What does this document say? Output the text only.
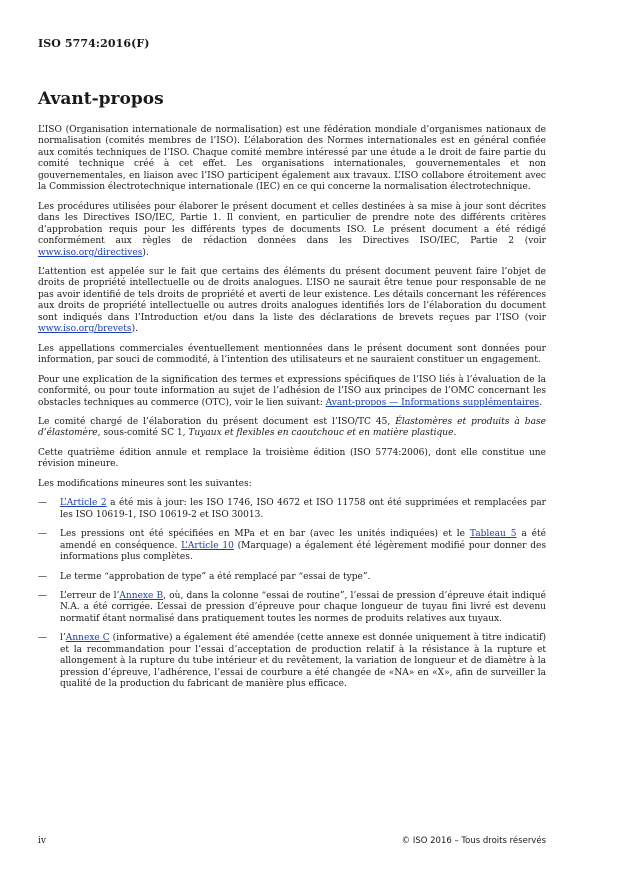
ISO 5774:2016(F)
Avant-propos

L’ISO (Organisation internationale de normalisation) est une fédération mondiale d’organismes nationaux de normalisation (comités membres de l’ISO). L’élaboration des Normes internationales est en général confiée aux comités techniques de l’ISO. Chaque comité membre intéressé par une étude a le droit de faire partie du comité technique créé à cet effet. Les organisations internationales, gouvernementales et non gouvernementales, en liaison avec l’ISO participent également aux travaux. L’ISO collabore étroitement avec la Commission électrotechnique internationale (IEC) en ce qui concerne la normalisation électrotechnique.

Les procédures utilisées pour élaborer le présent document et celles destinées à sa mise à jour sont décrites dans les Directives ISO/IEC, Partie 1. Il convient, en particulier de prendre note des différents critères d’approbation requis pour les différents types de documents ISO. Le présent document a été rédigé conformément aux règles de rédaction données dans les Directives ISO/IEC, Partie 2 (voir www.iso.org/directives).

L’attention est appelée sur le fait que certains des éléments du présent document peuvent faire l’objet de droits de propriété intellectuelle ou de droits analogues. L’ISO ne saurait être tenue pour responsable de ne pas avoir identifié de tels droits de propriété et averti de leur existence. Les détails concernant les références aux droits de propriété intellectuelle ou autres droits analogues identifiés lors de l’élaboration du document sont indiqués dans l’Introduction et/ou dans la liste des déclarations de brevets reçues par l’ISO (voir www.iso.org/brevets).

Les appellations commerciales éventuellement mentionnées dans le présent document sont données pour information, par souci de commodité, à l’intention des utilisateurs et ne sauraient constituer un engagement.

Pour une explication de la signification des termes et expressions spécifiques de l’ISO liés à l’évaluation de la conformité, ou pour toute information au sujet de l’adhésion de l’ISO aux principes de l’OMC concernant les obstacles techniques au commerce (OTC), voir le lien suivant: Avant-propos — Informations supplémentaires.

Le comité chargé de l’élaboration du présent document est l’ISO/TC 45, Élastomères et produits à base d’élastomère, sous-comité SC 1, Tuyaux et flexibles en caoutchouc et en matière plastique.

Cette quatrième édition annule et remplace la troisième édition (ISO 5774:2006), dont elle constitue une révision mineure.

Les modifications mineures sont les suivantes:

— L’Article 2 a été mis à jour: les ISO 1746, ISO 4672 et ISO 11758 ont été supprimées et remplacées par les ISO 10619-1, ISO 10619-2 et ISO 30013.
— Les pressions ont été spécifiées en MPa et en bar (avec les unités indiquées) et le Tableau 5 a été amendé en conséquence. L’Article 10 (Marquage) a également été légèrement modifié pour donner des informations plus complètes.
— Le terme “approbation de type” a été remplacé par “essai de type”.
— L’erreur de l’Annexe B, où, dans la colonne “essai de routine”, l’essai de pression d’épreuve était indiqué N.A. a été corrigée. L’essai de pression d’épreuve pour chaque longueur de tuyau fini livré est devenu normatif étant normalisé dans pratiquement toutes les normes de produits relatives aux tuyaux.
— l’Annexe C (informative) a également été amendée (cette annexe est donnée uniquement à titre indicatif) et la recommandation pour l’essai d’acceptation de production relatif à la résistance à la rupture et allongement à la rupture du tube intérieur et du revêtement, la variation de longueur et de diamètre à la pression d’épreuve, l’adhérence, l’essai de courbure a été changée de «NA» en «X», afin de surveiller la qualité de la production du fabricant de manière plus efficace.
iv	© ISO 2016 – Tous droits réservés
